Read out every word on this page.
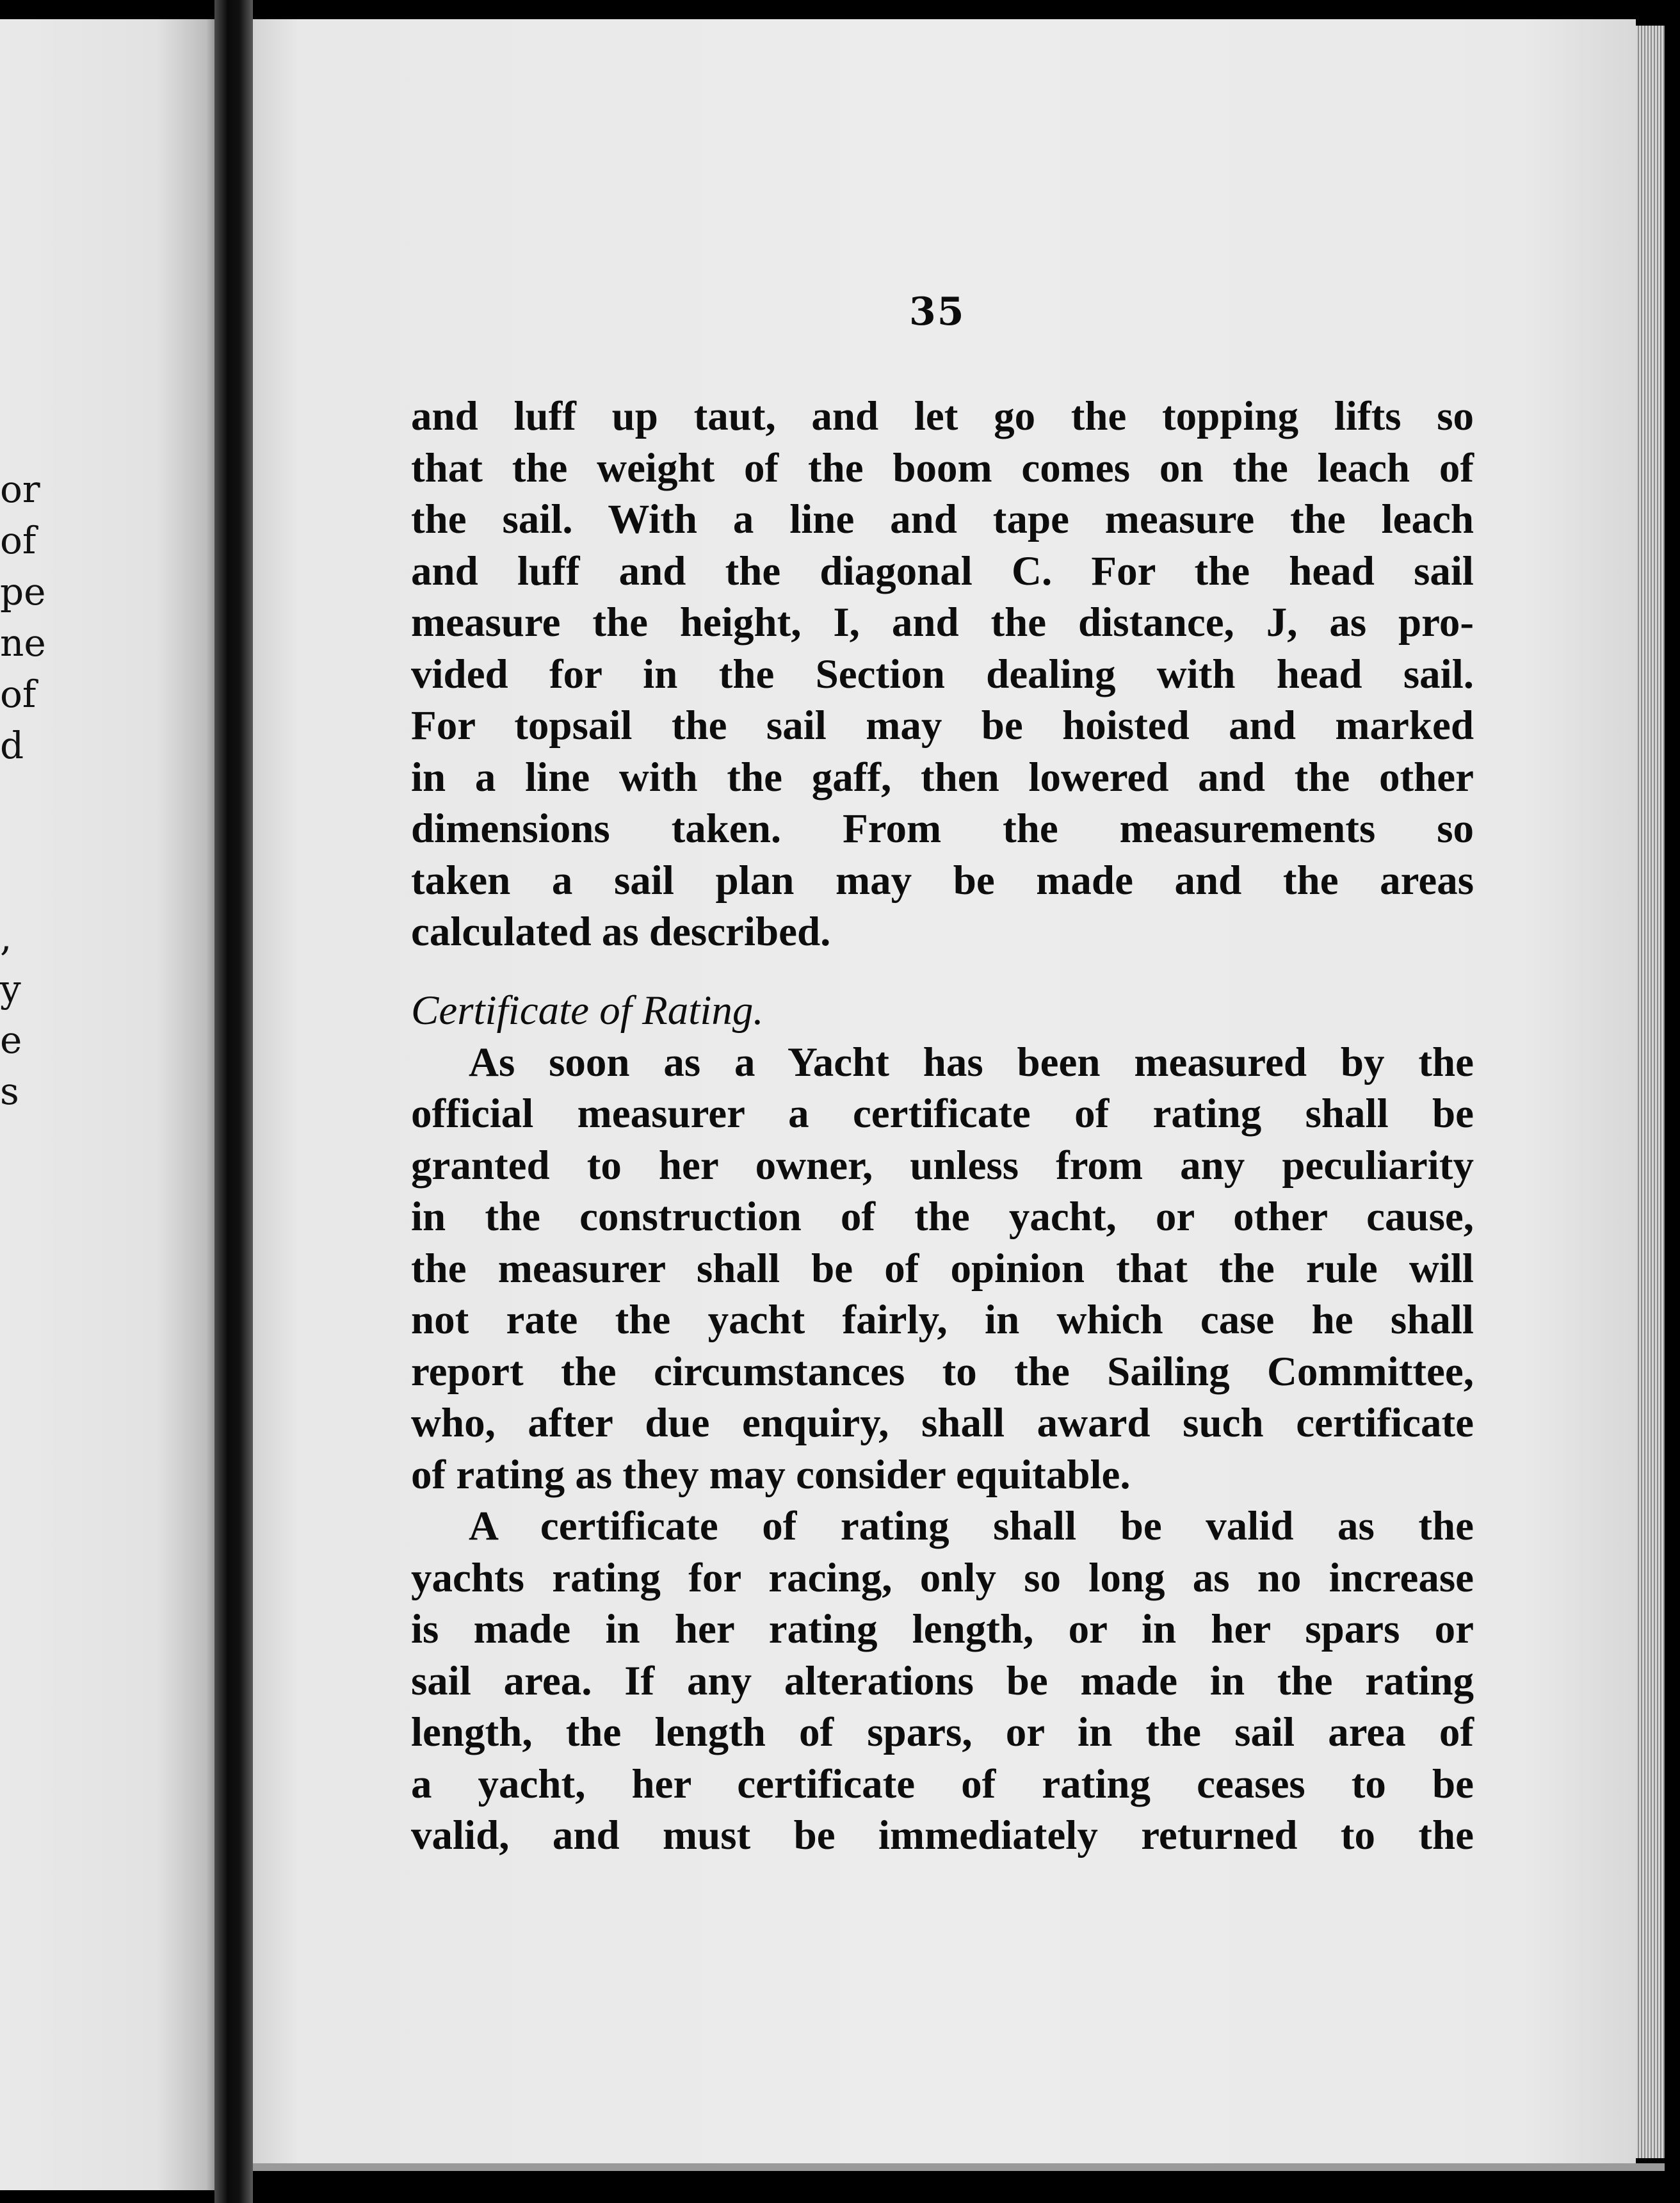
or
of
pe
ne
of
d
,
y
e
s
35
and luff up taut, and let go the topping lifts so
that the weight of the boom comes on the leach of
the sail. With a line and tape measure the leach
and luff and the diagonal C. For the head sail
measure the height, I, and the distance, J, as pro-
vided for in the Section dealing with head sail.
For topsail the sail may be hoisted and marked
in a line with the gaff, then lowered and the other
dimensions taken. From the measurements so
taken a sail plan may be made and the areas
calculated as described.
Certificate of Rating.
As soon as a Yacht has been measured by the
official measurer a certificate of rating shall be
granted to her owner, unless from any peculiarity
in the construction of the yacht, or other cause,
the measurer shall be of opinion that the rule will
not rate the yacht fairly, in which case he shall
report the circumstances to the Sailing Committee,
who, after due enquiry, shall award such certificate
of rating as they may consider equitable.
A certificate of rating shall be valid as the
yachts rating for racing, only so long as no increase
is made in her rating length, or in her spars or
sail area. If any alterations be made in the rating
length, the length of spars, or in the sail area of
a yacht, her certificate of rating ceases to be
valid, and must be immediately returned to the
